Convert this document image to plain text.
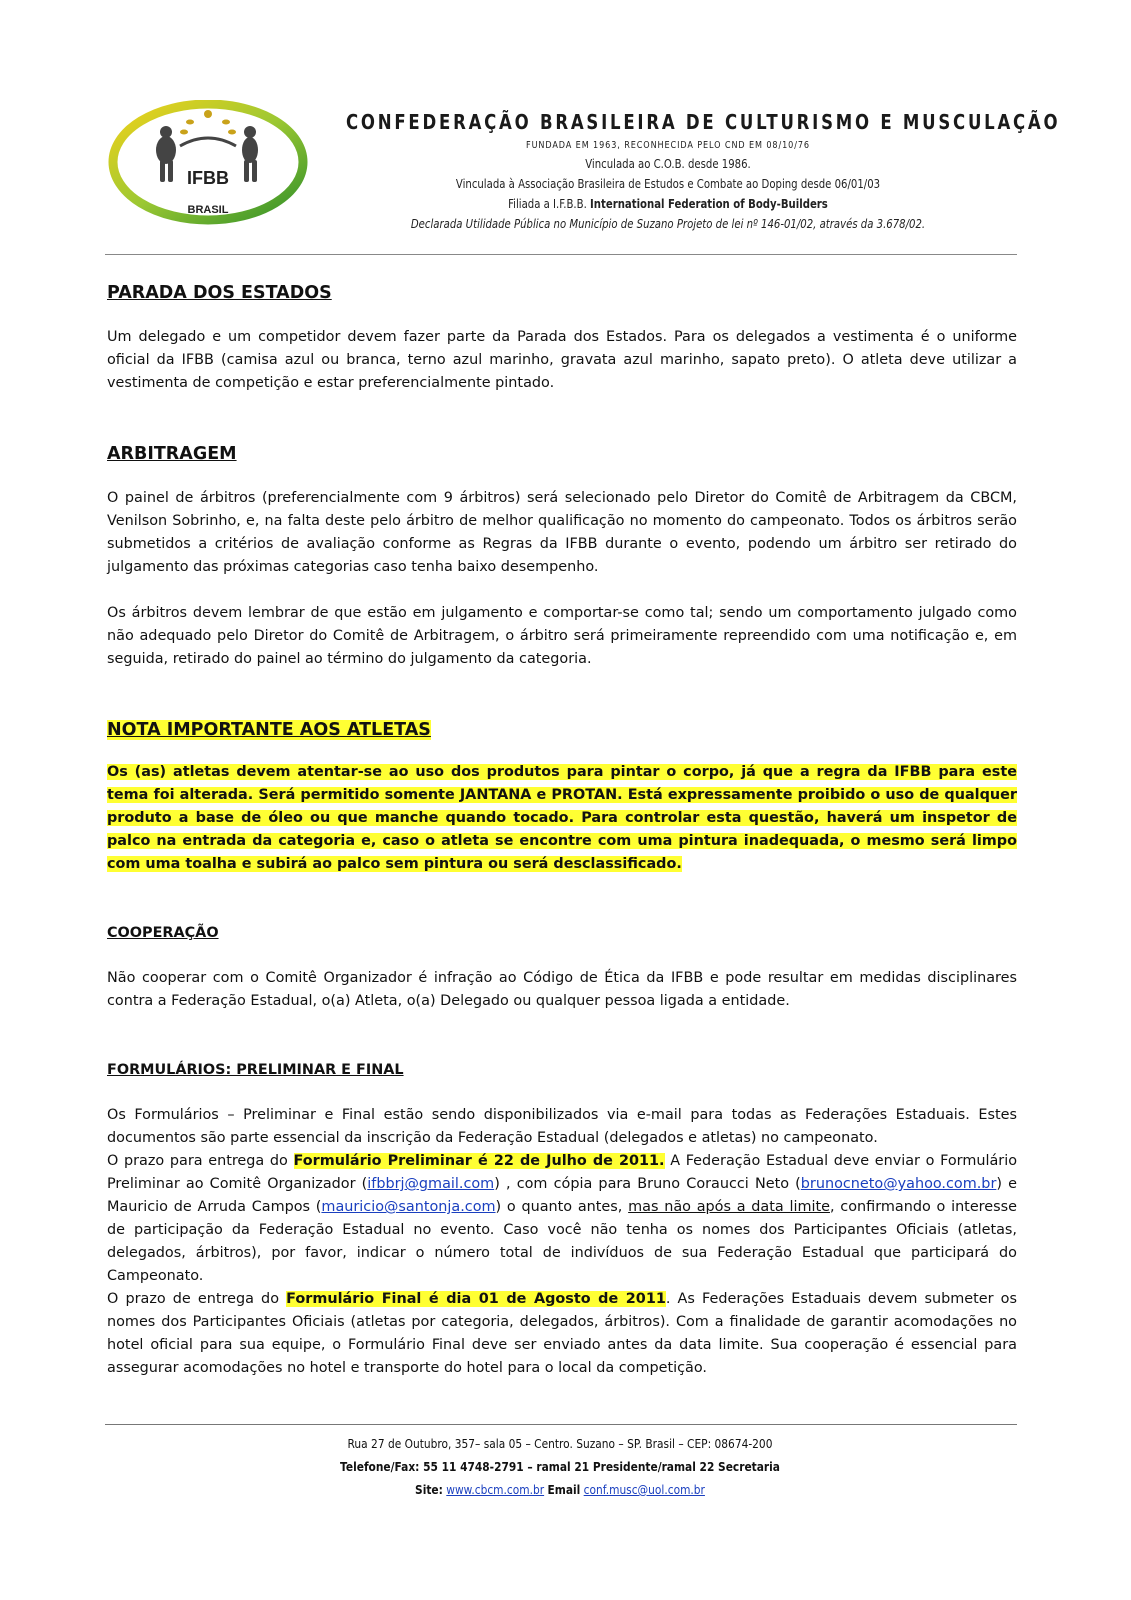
IFBB
BRASIL
CONFEDERAÇÃO BRASILEIRA DE CULTURISMO E MUSCULAÇÃO
FUNDADA EM 1963, RECONHECIDA PELO CND EM 08/10/76
Vinculada ao C.O.B. desde 1986.
Vinculada à Associação Brasileira de Estudos e Combate ao Doping desde 06/01/03
Filiada a I.F.B.B. International Federation of Body-Builders
Declarada Utilidade Pública no Município de Suzano Projeto de lei nº 146-01/02, através da 3.678/02.
PARADA DOS ESTADOS

Um delegado e um competidor devem fazer parte da Parada dos Estados. Para os delegados a vestimenta é o uniforme oficial da IFBB (camisa azul ou branca, terno azul marinho, gravata azul marinho, sapato preto). O atleta deve utilizar a vestimenta de competição e estar preferencialmente pintado.

ARBITRAGEM

O painel de árbitros (preferencialmente com 9 árbitros) será selecionado pelo Diretor do Comitê de Arbitragem da CBCM, Venilson Sobrinho, e, na falta deste pelo árbitro de melhor qualificação no momento do campeonato. Todos os árbitros serão submetidos a critérios de avaliação conforme as Regras da IFBB durante o evento, podendo um árbitro ser retirado do julgamento das próximas categorias caso tenha baixo desempenho.

Os árbitros devem lembrar de que estão em julgamento e comportar-se como tal; sendo um comportamento julgado como não adequado pelo Diretor do Comitê de Arbitragem, o árbitro será primeiramente repreendido com uma notificação e, em seguida, retirado do painel ao término do julgamento da categoria.

NOTA IMPORTANTE AOS ATLETAS

Os (as) atletas devem atentar-se ao uso dos produtos para pintar o corpo, já que a regra da IFBB para este tema foi alterada. Será permitido somente JANTANA e PROTAN. Está expressamente proibido o uso de qualquer produto a base de óleo ou que manche quando tocado. Para controlar esta questão, haverá um inspetor de palco na entrada da categoria e, caso o atleta se encontre com uma pintura inadequada, o mesmo será limpo com uma toalha e subirá ao palco sem pintura ou será desclassificado.

COOPERAÇÃO

Não cooperar com o Comitê Organizador é infração ao Código de Ética da IFBB e pode resultar em medidas disciplinares contra a Federação Estadual, o(a) Atleta, o(a) Delegado ou qualquer pessoa ligada a entidade.

FORMULÁRIOS: PRELIMINAR E FINAL

Os Formulários – Preliminar e Final estão sendo disponibilizados via e-mail para todas as Federações Estaduais. Estes documentos são parte essencial da inscrição da Federação Estadual (delegados e atletas) no campeonato.

O prazo para entrega do Formulário Preliminar é 22 de Julho de 2011. A Federação Estadual deve enviar o Formulário Preliminar ao Comitê Organizador (ifbbrj@gmail.com) , com cópia para Bruno Coraucci Neto (brunocneto@yahoo.com.br) e Mauricio de Arruda Campos (mauricio@santonja.com) o quanto antes, mas não após a data limite, confirmando o interesse de participação da Federação Estadual no evento. Caso você não tenha os nomes dos Participantes Oficiais (atletas, delegados, árbitros), por favor, indicar o número total de indivíduos de sua Federação Estadual que participará do Campeonato.

O prazo de entrega do Formulário Final é dia 01 de Agosto de 2011. As Federações Estaduais devem submeter os nomes dos Participantes Oficiais (atletas por categoria, delegados, árbitros). Com a finalidade de garantir acomodações no hotel oficial para sua equipe, o Formulário Final deve ser enviado antes da data limite. Sua cooperação é essencial para assegurar acomodações no hotel e transporte do hotel para o local da competição.

Rua 27 de Outubro, 357– sala 05 – Centro. Suzano – SP. Brasil – CEP: 08674-200
Telefone/Fax: 55 11 4748-2791 – ramal 21 Presidente/ramal 22 Secretaria
Site: www.cbcm.com.br Email conf.musc@uol.com.br
